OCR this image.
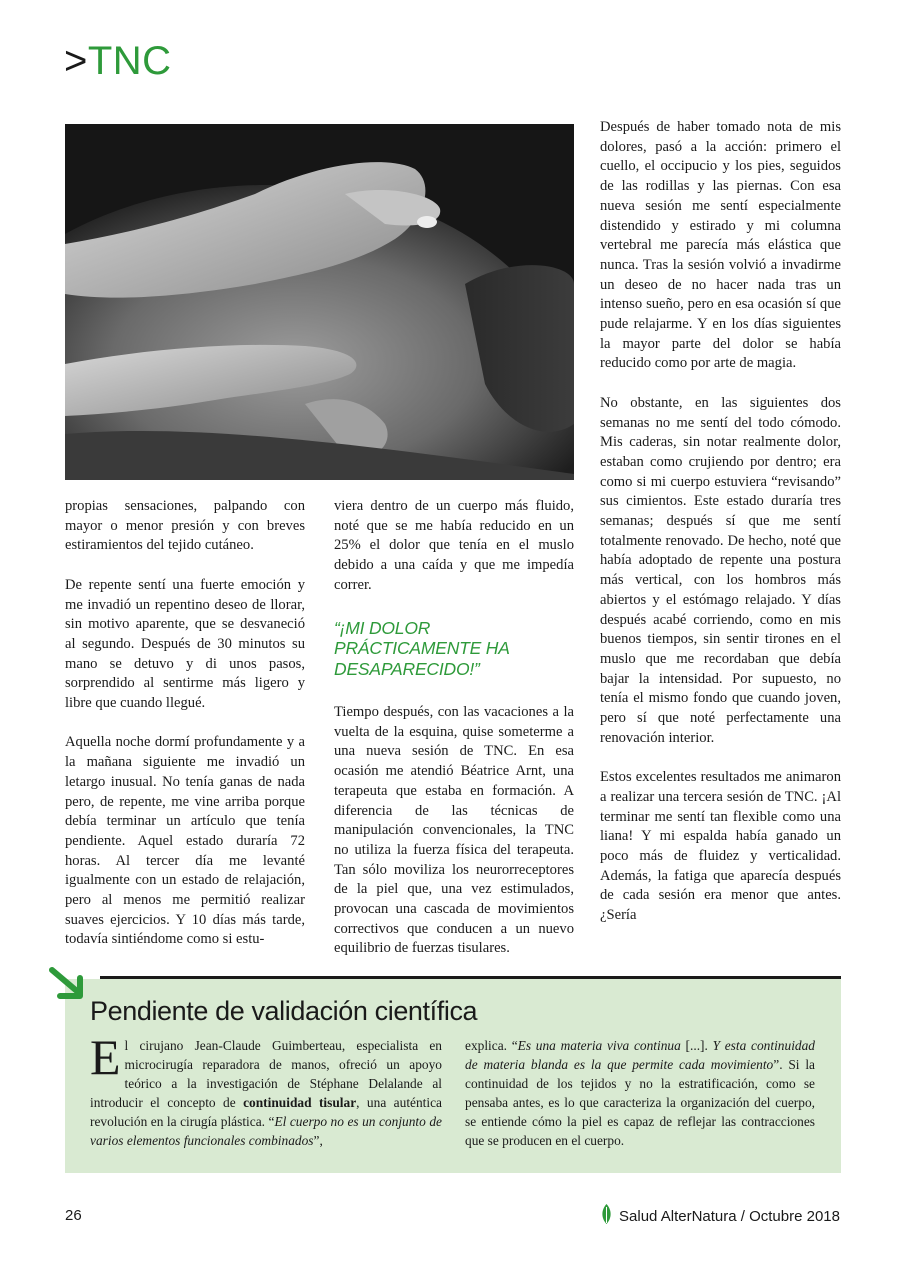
>TNC

propias sensaciones, palpando con mayor o menor presión y con breves estiramientos del tejido cutáneo.

De repente sentí una fuerte emoción y me invadió un repentino deseo de llorar, sin motivo aparente, que se desvaneció al segundo. Después de 30 minutos su mano se detuvo y di unos pasos, sorprendido al sentirme más ligero y libre que cuando llegué.

Aquella noche dormí profundamente y a la mañana siguiente me invadió un letargo inusual. No tenía ganas de nada pero, de repente, me vine arriba porque debía terminar un artículo que tenía pendiente. Aquel estado duraría 72 horas. Al tercer día me levanté igualmente con un estado de relajación, pero al menos me permitió realizar suaves ejercicios. Y 10 días más tarde, todavía sintiéndome como si estu-

viera dentro de un cuerpo más fluido, noté que se me había reducido en un 25% el dolor que tenía en el muslo debido a una caída y que me impedía correr.

“¡MI DOLOR PRÁCTICAMENTE HA DESAPARECIDO!”

Tiempo después, con las vacaciones a la vuelta de la esquina, quise someterme a una nueva sesión de TNC. En esa ocasión me atendió Béatrice Arnt, una terapeuta que estaba en formación. A diferencia de las técnicas de manipulación convencionales, la TNC no utiliza la fuerza física del terapeuta. Tan sólo moviliza los neurorreceptores de la piel que, una vez estimulados, provocan una cascada de movimientos correctivos que conducen a un nuevo equilibrio de fuerzas tisulares.

Después de haber tomado nota de mis dolores, pasó a la acción: primero el cuello, el occipucio y los pies, seguidos de las rodillas y las piernas. Con esa nueva sesión me sentí especialmente distendido y estirado y mi columna vertebral me parecía más elástica que nunca. Tras la sesión volvió a invadirme un deseo de no hacer nada tras un intenso sueño, pero en esa ocasión sí que pude relajarme. Y en los días siguientes la mayor parte del dolor se había reducido como por arte de magia.

No obstante, en las siguientes dos semanas no me sentí del todo cómodo. Mis caderas, sin notar realmente dolor, estaban como crujiendo por dentro; era como si mi cuerpo estuviera “revisando” sus cimientos. Este estado duraría tres semanas; después sí que me sentí totalmente renovado. De hecho, noté que había adoptado de repente una postura más vertical, con los hombros más abiertos y el estómago relajado. Y días después acabé corriendo, como en mis buenos tiempos, sin sentir tirones en el muslo que me recordaban que debía bajar la intensidad. Por supuesto, no tenía el mismo fondo que cuando joven, pero sí que noté perfectamente una renovación interior.

Estos excelentes resultados me animaron a realizar una tercera sesión de TNC. ¡Al terminar me sentí tan flexible como una liana! Y mi espalda había ganado un poco más de fluidez y verticalidad. Además, la fatiga que aparecía después de cada sesión era menor que antes. ¿Sería

Pendiente de validación científica
El cirujano Jean-Claude Guimberteau, especialista en microcirugía reparadora de manos, ofreció un apoyo teórico a la investigación de Stéphane Delalande al introducir el concepto de continuidad tisular, una auténtica revolución en la cirugía plástica. “El cuerpo no es un conjunto de varios elementos funcionales combinados”,
explica. “Es una materia viva continua [...]. Y esta continuidad de materia blanda es la que permite cada movimiento”. Si la continuidad de los tejidos y no la estratificación, como se pensaba antes, es lo que caracteriza la organización del cuerpo, se entiende cómo la piel es capaz de reflejar las contracciones que se producen en el cuerpo.
26	Salud AlterNatura / Octubre 2018
